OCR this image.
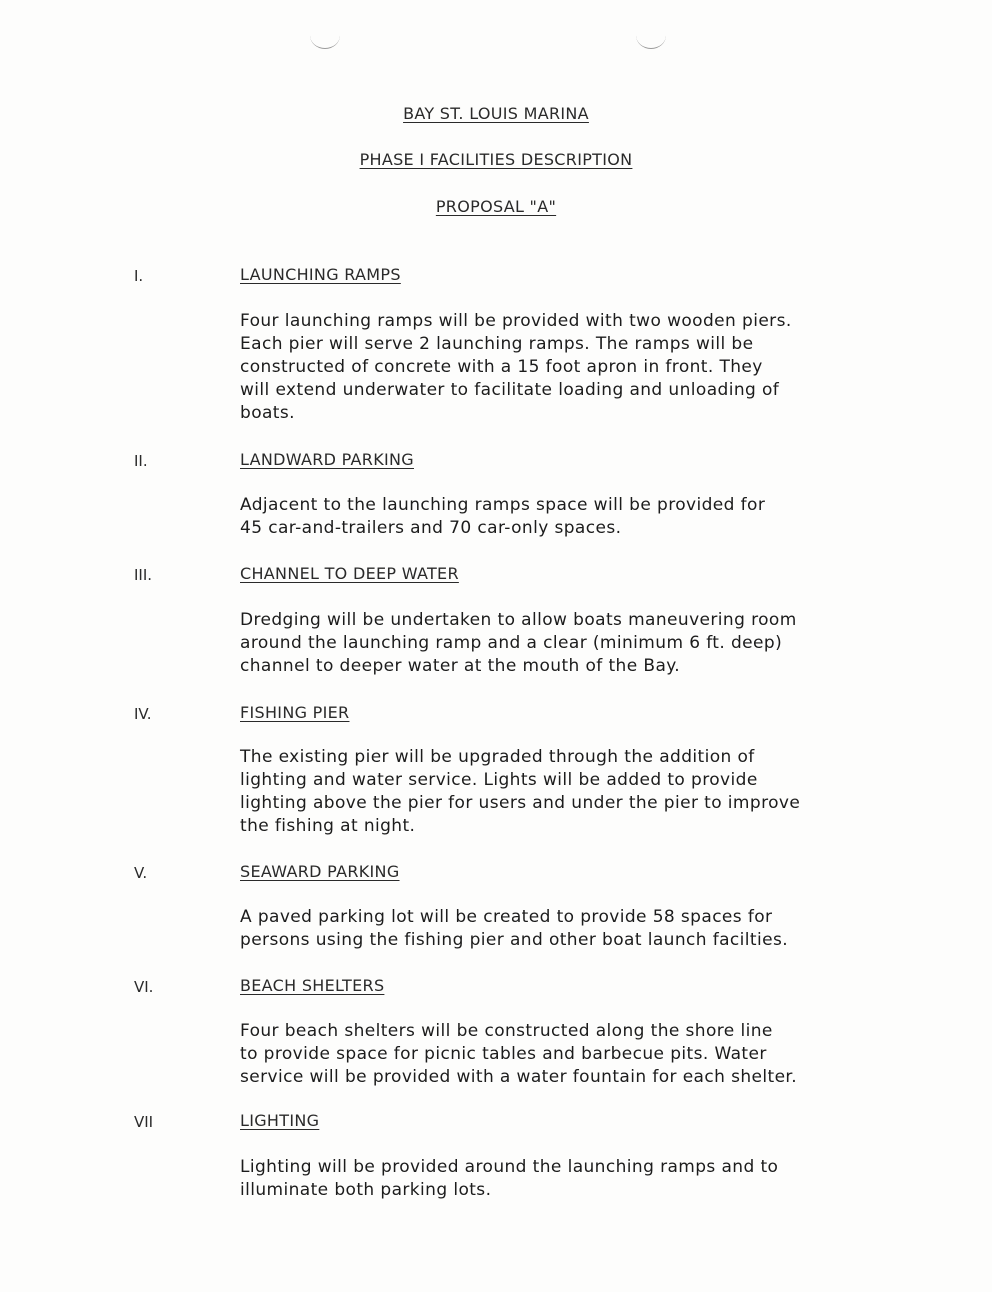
BAY ST. LOUIS MARINA
PHASE I FACILITIES DESCRIPTION
PROPOSAL "A"
I.	LAUNCHING RAMPS

Four launching ramps will be provided with two wooden piers.

Each pier will serve 2 launching ramps. The ramps will be

constructed of concrete with a 15 foot apron in front. They

will extend underwater to facilitate loading and unloading of

boats.

II.	LANDWARD PARKING

Adjacent to the launching ramps space will be provided for

45 car-and-trailers and 70 car-only spaces.

III.	CHANNEL TO DEEP WATER

Dredging will be undertaken to allow boats maneuvering room

around the launching ramp and a clear (minimum 6 ft. deep)

channel to deeper water at the mouth of the Bay.

IV.	FISHING PIER

The existing pier will be upgraded through the addition of

lighting and water service. Lights will be added to provide

lighting above the pier for users and under the pier to improve

the fishing at night.

V.	SEAWARD PARKING

A paved parking lot will be created to provide 58 spaces for

persons using the fishing pier and other boat launch facilties.

VI.	BEACH SHELTERS

Four beach shelters will be constructed along the shore line

to provide space for picnic tables and barbecue pits. Water

service will be provided with a water fountain for each shelter.

VII	LIGHTING

Lighting will be provided around the launching ramps and to

illuminate both parking lots.
